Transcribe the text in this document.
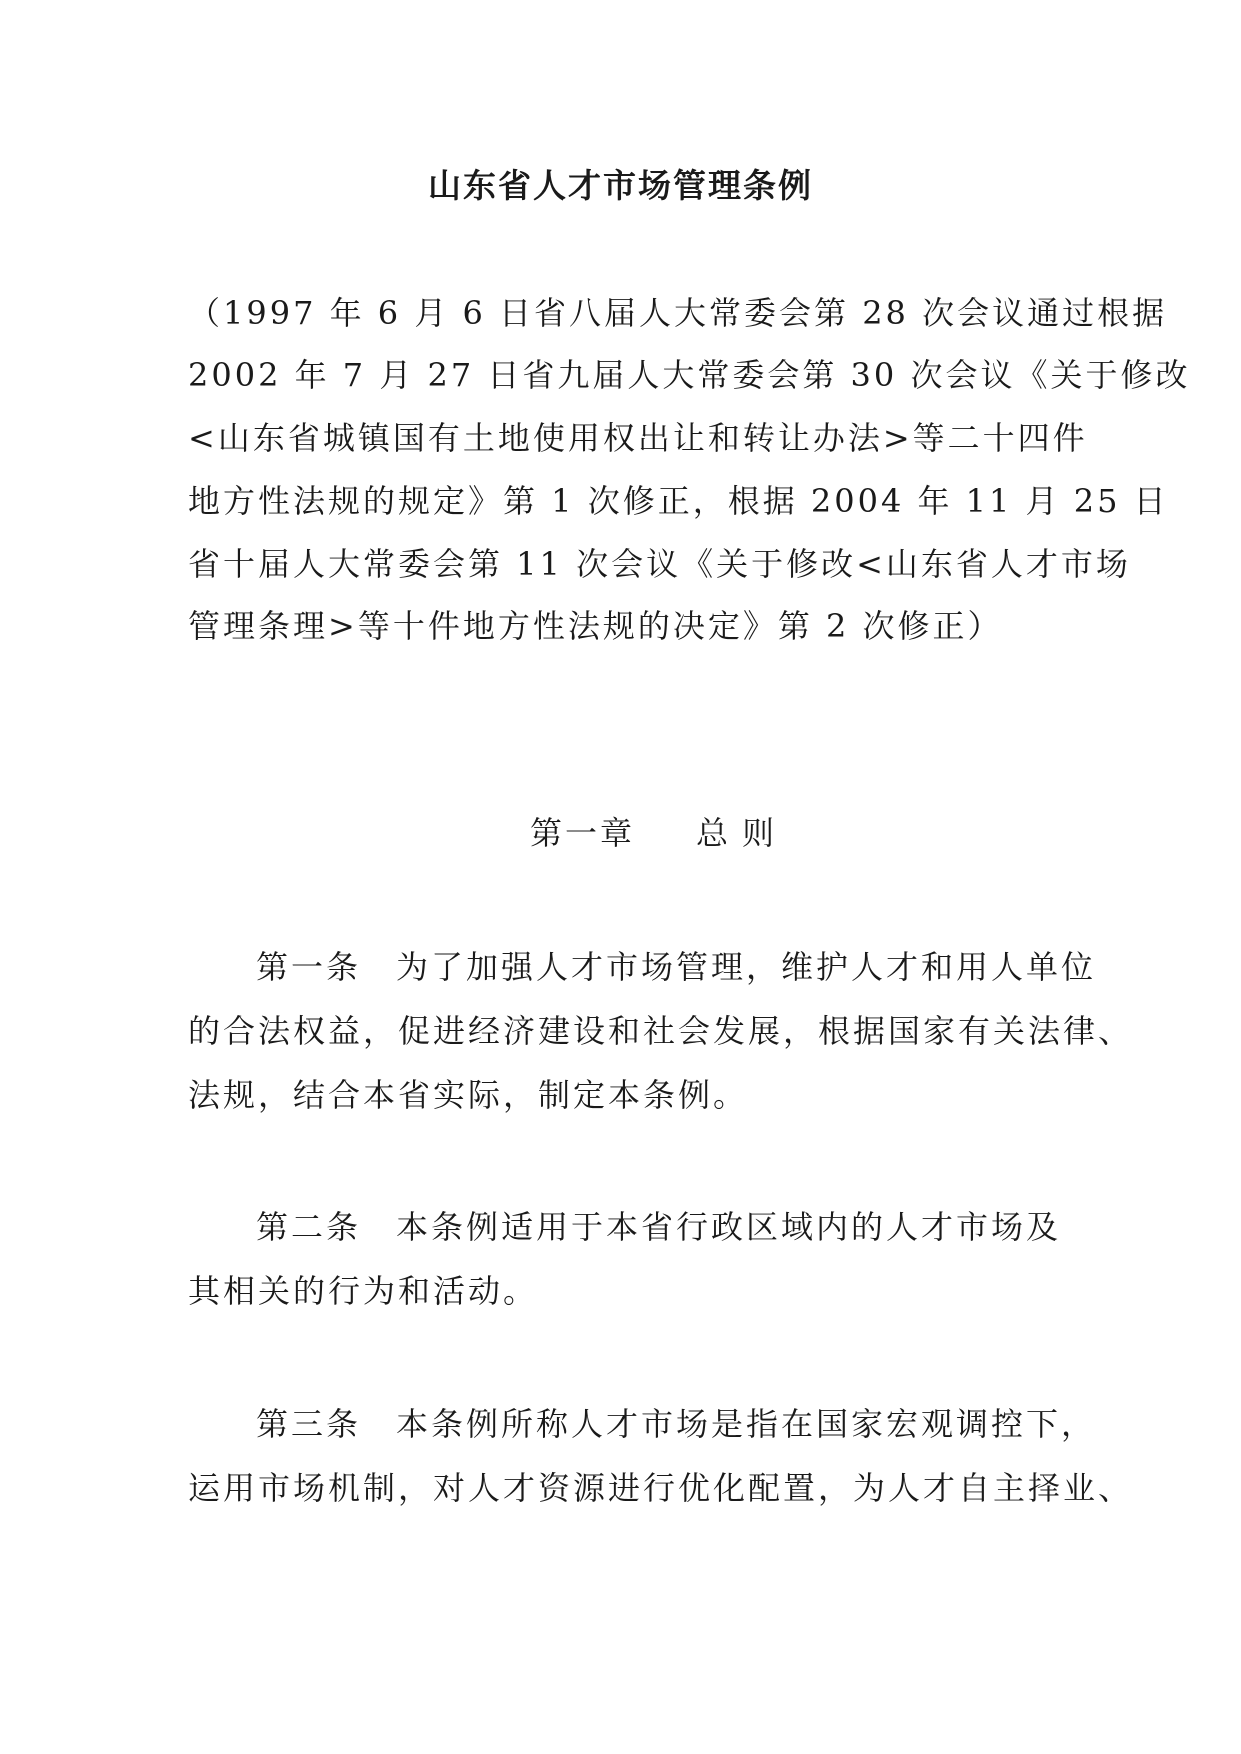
山东省人才市场管理条例
（1997 年 6 月 6 日省八届人大常委会第 28 次会议通过根据
2002 年 7 月 27 日省九届人大常委会第 30 次会议《关于修改
<山东省城镇国有土地使用权出让和转让办法>等二十四件
地方性法规的规定》第 1 次修正，根据 2004 年 11 月 25 日
省十届人大常委会第 11 次会议《关于修改<山东省人才市场
管理条理>等十件地方性法规的决定》第 2 次修正）
第一章 总则
第一条　为了加强人才市场管理，维护人才和用人单位
的合法权益，促进经济建设和社会发展，根据国家有关法律、
法规，结合本省实际，制定本条例。
第二条　本条例适用于本省行政区域内的人才市场及
其相关的行为和活动。
第三条　本条例所称人才市场是指在国家宏观调控下，
运用市场机制，对人才资源进行优化配置，为人才自主择业、
